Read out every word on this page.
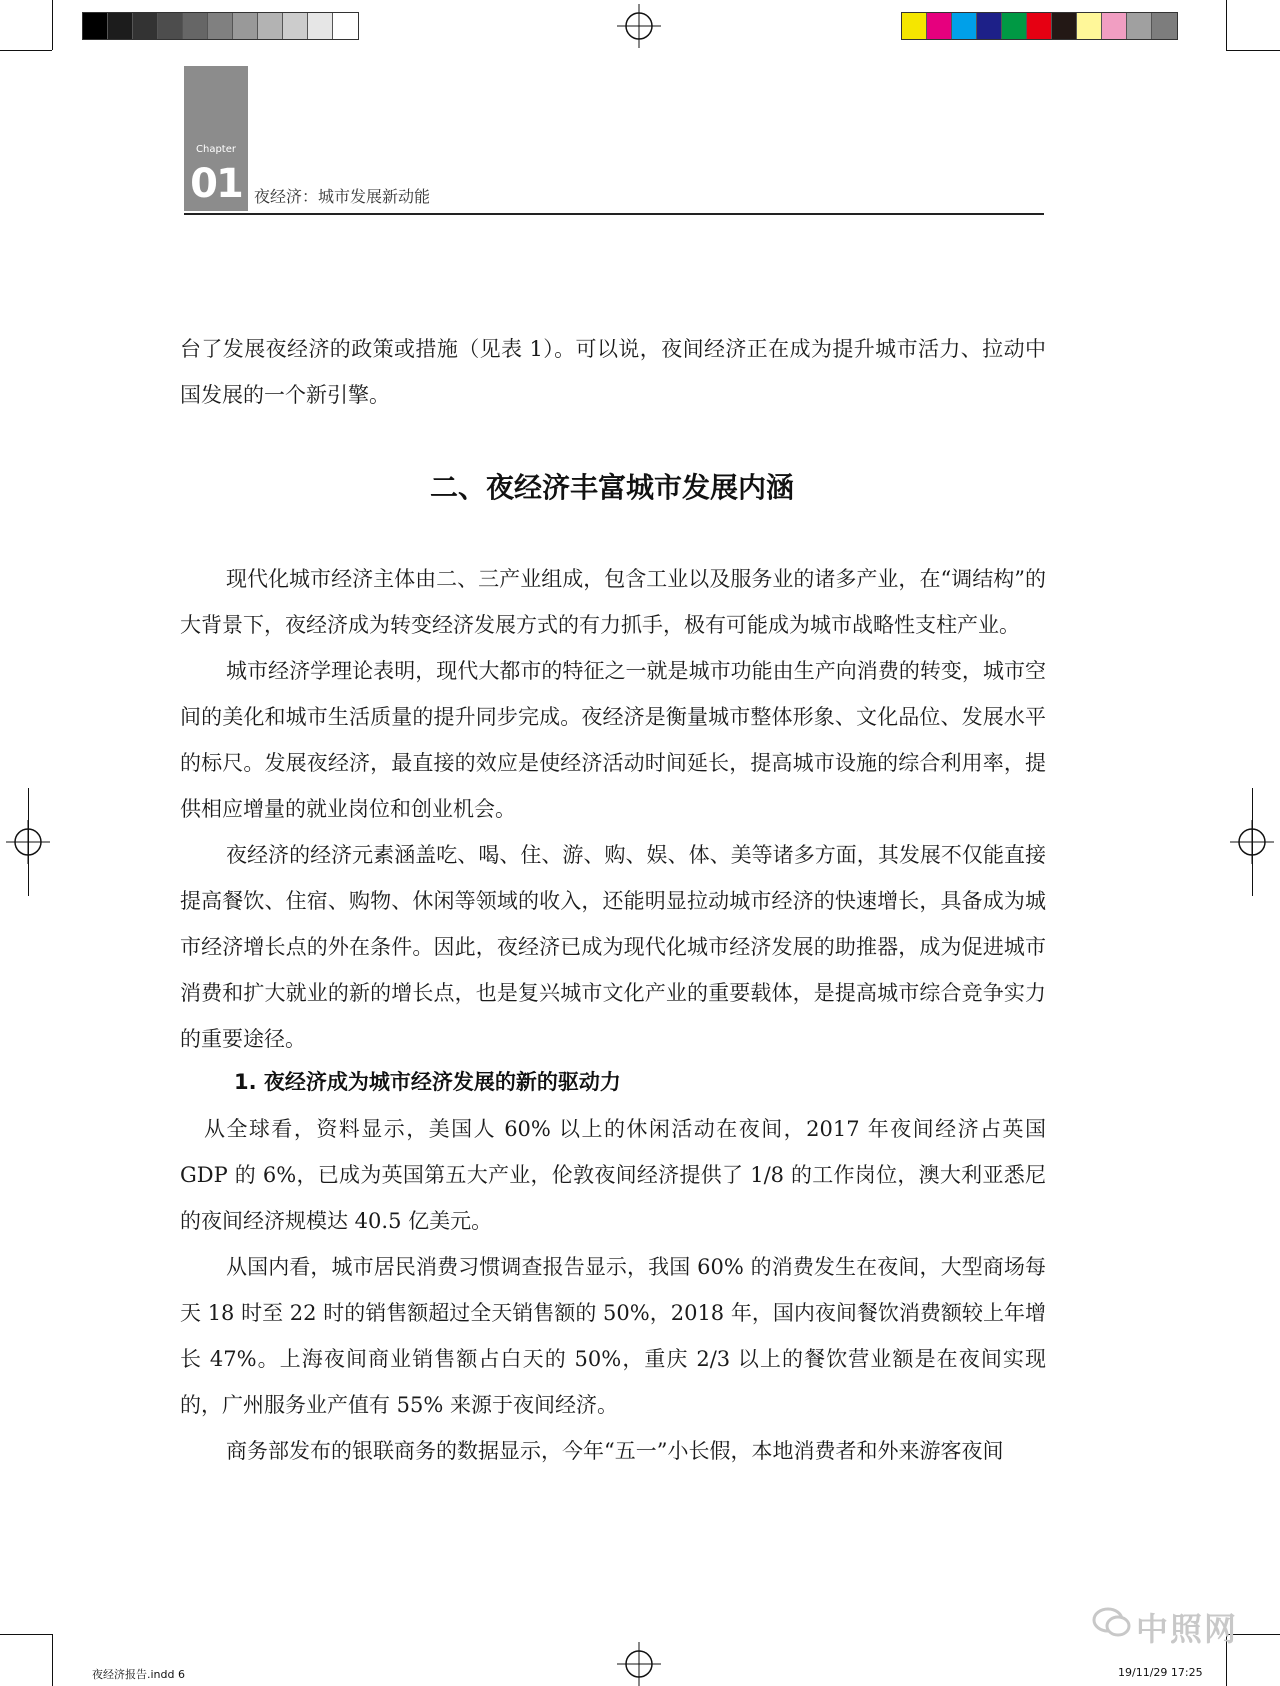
Chapter
01 夜经济：城市发展新动能

台了发展夜经济的政策或措施（见表 1）。可以说，夜间经济正在成为提升城市活力、拉动中国发展的一个新引擎。

二、夜经济丰富城市发展内涵

现代化城市经济主体由二、三产业组成，包含工业以及服务业的诸多产业，在“调结构”的大背景下，夜经济成为转变经济发展方式的有力抓手，极有可能成为城市战略性支柱产业。

城市经济学理论表明，现代大都市的特征之一就是城市功能由生产向消费的转变，城市空间的美化和城市生活质量的提升同步完成。夜经济是衡量城市整体形象、文化品位、发展水平的标尺。发展夜经济，最直接的效应是使经济活动时间延长，提高城市设施的综合利用率，提供相应增量的就业岗位和创业机会。

夜经济的经济元素涵盖吃、喝、住、游、购、娱、体、美等诸多方面，其发展不仅能直接提高餐饮、住宿、购物、休闲等领域的收入，还能明显拉动城市经济的快速增长，具备成为城市经济增长点的外在条件。因此，夜经济已成为现代化城市经济发展的助推器，成为促进城市消费和扩大就业的新的增长点，也是复兴城市文化产业的重要载体，是提高城市综合竞争实力的重要途径。

1. 夜经济成为城市经济发展的新的驱动力

从全球看，资料显示，美国人 60% 以上的休闲活动在夜间，2017 年夜间经济占英国 GDP 的 6%，已成为英国第五大产业，伦敦夜间经济提供了 1/8 的工作岗位，澳大利亚悉尼的夜间经济规模达 40.5 亿美元。

从国内看，城市居民消费习惯调查报告显示，我国 60% 的消费发生在夜间，大型商场每天 18 时至 22 时的销售额超过全天销售额的 50%，2018 年，国内夜间餐饮消费额较上年增长 47%。上海夜间商业销售额占白天的 50%，重庆 2/3 以上的餐饮营业额是在夜间实现的，广州服务业产值有 55% 来源于夜间经济。

商务部发布的银联商务的数据显示，今年“五一”小长假，本地消费者和外来游客夜间

夜经济报告.indd 6	19/11/29 17:25
中照网
